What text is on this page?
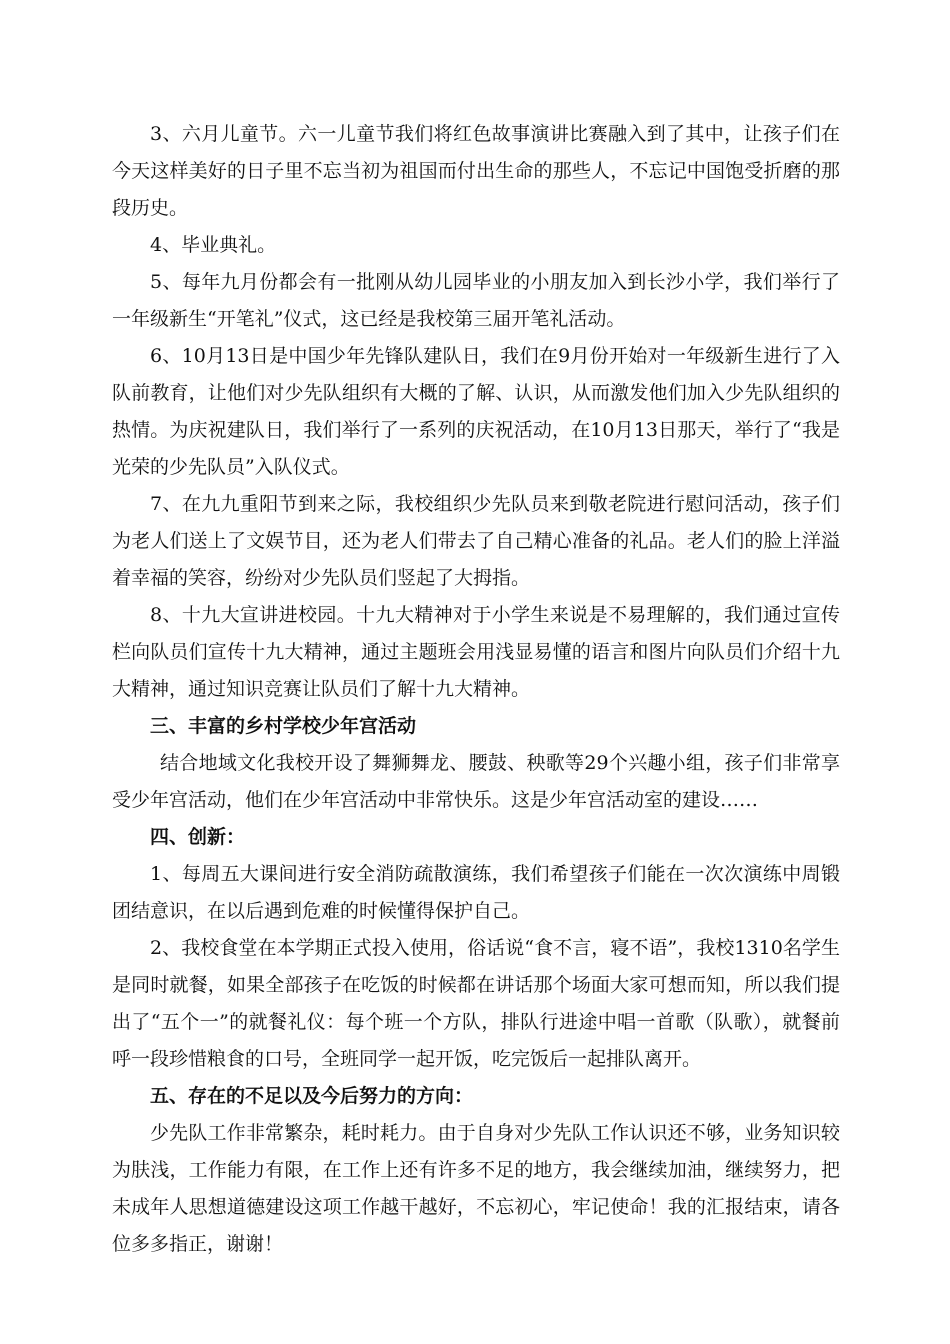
3、六月儿童节。六一儿童节我们将红色故事演讲比赛融入到了其中，让孩子们在今天这样美好的日子里不忘当初为祖国而付出生命的那些人，不忘记中国饱受折磨的那段历史。

4、毕业典礼。

5、每年九月份都会有一批刚从幼儿园毕业的小朋友加入到长沙小学，我们举行了一年级新生“开笔礼”仪式，这已经是我校第三届开笔礼活动。

6、10月13日是中国少年先锋队建队日，我们在9月份开始对一年级新生进行了入队前教育，让他们对少先队组织有大概的了解、认识，从而激发他们加入少先队组织的热情。为庆祝建队日，我们举行了一系列的庆祝活动，在10月13日那天，举行了“我是光荣的少先队员”入队仪式。

7、在九九重阳节到来之际，我校组织少先队员来到敬老院进行慰问活动，孩子们为老人们送上了文娱节目，还为老人们带去了自己精心准备的礼品。老人们的脸上洋溢着幸福的笑容，纷纷对少先队员们竖起了大拇指。

8、十九大宣讲进校园。十九大精神对于小学生来说是不易理解的，我们通过宣传栏向队员们宣传十九大精神，通过主题班会用浅显易懂的语言和图片向队员们介绍十九大精神，通过知识竞赛让队员们了解十九大精神。

三、丰富的乡村学校少年宫活动

结合地域文化我校开设了舞狮舞龙、腰鼓、秧歌等29个兴趣小组，孩子们非常享受少年宫活动，他们在少年宫活动中非常快乐。这是少年宫活动室的建设……

四、创新：

1、每周五大课间进行安全消防疏散演练，我们希望孩子们能在一次次演练中周锻团结意识，在以后遇到危难的时候懂得保护自己。

2、我校食堂在本学期正式投入使用，俗话说“食不言，寝不语”，我校1310名学生是同时就餐，如果全部孩子在吃饭的时候都在讲话那个场面大家可想而知，所以我们提出了“五个一”的就餐礼仪：每个班一个方队，排队行进途中唱一首歌（队歌），就餐前呼一段珍惜粮食的口号，全班同学一起开饭，吃完饭后一起排队离开。

五、存在的不足以及今后努力的方向：

少先队工作非常繁杂，耗时耗力。由于自身对少先队工作认识还不够，业务知识较为肤浅，工作能力有限，在工作上还有许多不足的地方，我会继续加油，继续努力，把未成年人思想道德建设这项工作越干越好，不忘初心，牢记使命！我的汇报结束，请各位多多指正，谢谢！
